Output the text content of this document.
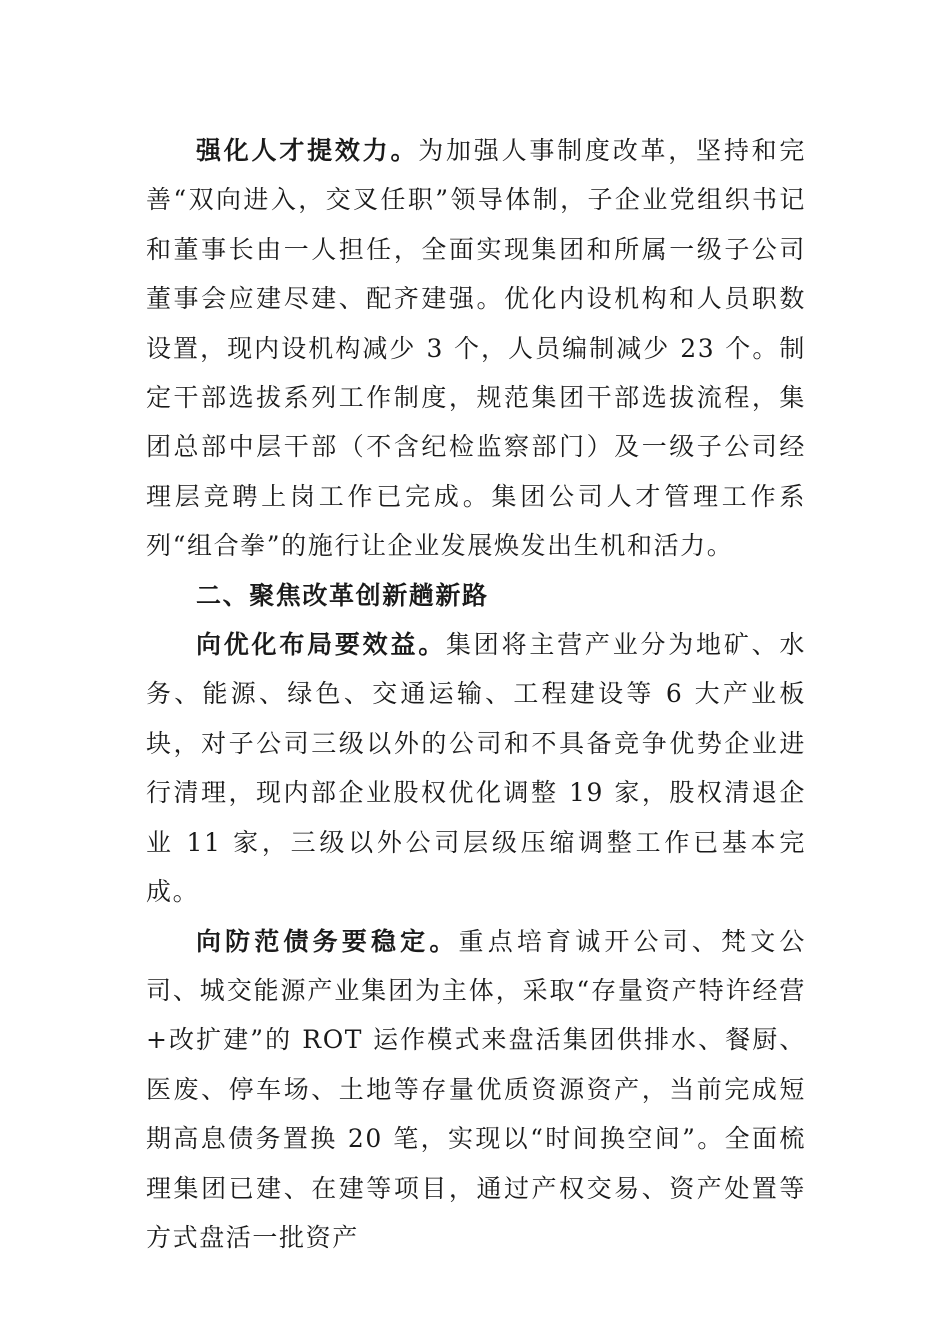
强化人才提效力。为加强人事制度改革，坚持和完善“双向进入，交叉任职”领导体制，子企业党组织书记和董事长由一人担任，全面实现集团和所属一级子公司董事会应建尽建、配齐建强。优化内设机构和人员职数设置，现内设机构减少 3 个，人员编制减少 23 个。制定干部选拔系列工作制度，规范集团干部选拔流程，集团总部中层干部（不含纪检监察部门）及一级子公司经理层竞聘上岗工作已完成。集团公司人才管理工作系列“组合拳”的施行让企业发展焕发出生机和活力。

二、聚焦改革创新趟新路

向优化布局要效益。集团将主营产业分为地矿、水务、能源、绿色、交通运输、工程建设等 6 大产业板块，对子公司三级以外的公司和不具备竞争优势企业进行清理，现内部企业股权优化调整 19 家，股权清退企业 11 家，三级以外公司层级压缩调整工作已基本完成。

向防范债务要稳定。重点培育诚开公司、梵文公司、城交能源产业集团为主体，采取“存量资产特许经营+改扩建”的 ROT 运作模式来盘活集团供排水、餐厨、医废、停车场、土地等存量优质资源资产，当前完成短期高息债务置换 20 笔，实现以“时间换空间”。全面梳理集团已建、在建等项目，通过产权交易、资产处置等方式盘活一批资产
